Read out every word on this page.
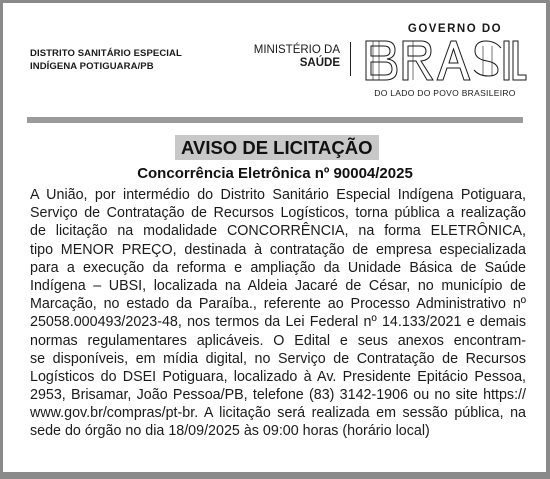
DISTRITO SANITÁRIO ESPECIAL
INDÍGENA POTIGUARA/PB
MINISTÉRIO DA
SAÚDE
GOVERNO DO
DO LADO DO POVO BRASILEIRO
AVISO DE LICITAÇÃO
Concorrência Eletrônica nº 90004/2025
A União, por intermédio do Distrito Sanitário Especial Indígena Potiguara,
Serviço de Contratação de Recursos Logísticos, torna pública a realização
de licitação na modalidade CONCORRÊNCIA, na forma ELETRÔNICA,
tipo MENOR PREÇO, destinada à contratação de empresa especializada
para a execução da reforma e ampliação da Unidade Básica de Saúde
Indígena – UBSI, localizada na Aldeia Jacaré de César, no município de
Marcação, no estado da Paraíba., referente ao Processo Administrativo nº
25058.000493/2023-48, nos termos da Lei Federal nº 14.133/2021 e demais
normas regulamentares aplicáveis. O Edital e seus anexos encontram-
se disponíveis, em mídia digital, no Serviço de Contratação de Recursos
Logísticos do DSEI Potiguara, localizado à Av. Presidente Epitácio Pessoa,
2953, Brisamar, João Pessoa/PB, telefone (83) 3142-1906 ou no site https://
www.gov.br/compras/pt-br. A licitação será realizada em sessão pública, na
sede do órgão no dia 18/09/2025 às 09:00 horas (horário local)
